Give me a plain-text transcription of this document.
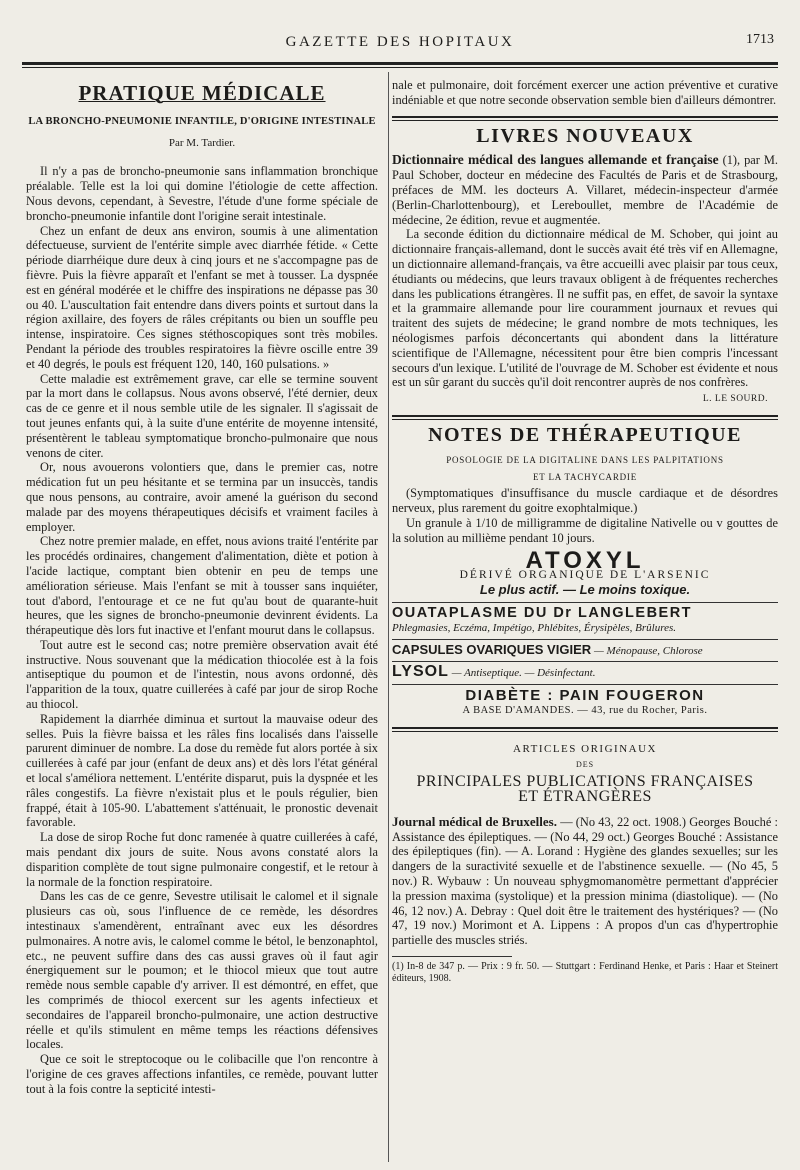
GAZETTE DES HOPITAUX	1713
PRATIQUE MÉDICALE
LA BRONCHO-PNEUMONIE INFANTILE, D'ORIGINE INTESTINALE
Par M. Tardier.

Il n'y a pas de broncho-pneumonie sans inflammation bronchique préalable. Telle est la loi qui domine l'étiologie de cette affection. Nous devons, cependant, à Sevestre, l'étude d'une forme spéciale de broncho-pneumonie infantile dont l'origine serait intestinale.

Chez un enfant de deux ans environ, soumis à une alimentation défectueuse, survient de l'entérite simple avec diarrhée fétide. « Cette période diarrhéique dure deux à cinq jours et ne s'accompagne pas de fièvre. Puis la fièvre apparaît et l'enfant se met à tousser. La dyspnée est en général modérée et le chiffre des inspirations ne dépasse pas 30 ou 40. L'auscultation fait entendre dans divers points et surtout dans la région axillaire, des foyers de râles crépitants ou bien un souffle peu intense, inspiratoire. Ces signes stéthoscopiques sont très mobiles. Pendant la période des troubles respiratoires la fièvre oscille entre 39 et 40 degrés, le pouls est fréquent 120, 140, 160 pulsations. »

Cette maladie est extrêmement grave, car elle se termine souvent par la mort dans le collapsus. Nous avons observé, l'été dernier, deux cas de ce genre et il nous semble utile de les signaler. Il s'agissait de tout jeunes enfants qui, à la suite d'une entérite de moyenne intensité, présentèrent le tableau symptomatique broncho-pulmonaire que nous venons de citer.

Or, nous avouerons volontiers que, dans le premier cas, notre médication fut un peu hésitante et se termina par un insuccès, tandis que nous pensons, au contraire, avoir amené la guérison du second malade par des moyens thérapeutiques décisifs et vraiment faciles à employer.

Chez notre premier malade, en effet, nous avions traité l'entérite par les procédés ordinaires, changement d'alimentation, diète et potion à l'acide lactique, comptant bien obtenir en peu de temps une amélioration sérieuse. Mais l'enfant se mit à tousser sans inquiéter, tout d'abord, l'entourage et ce ne fut qu'au bout de quarante-huit heures, que les signes de broncho-pneumonie devinrent évidents. La thérapeutique dès lors fut inactive et l'enfant mourut dans le collapsus.

Tout autre est le second cas; notre première observation avait été instructive. Nous souvenant que la médication thiocolée est à la fois antiseptique du poumon et de l'intestin, nous avons ordonné, dès l'apparition de la toux, quatre cuillerées à café par jour de sirop Roche au thiocol.

Rapidement la diarrhée diminua et surtout la mauvaise odeur des selles. Puis la fièvre baissa et les râles fins localisés dans l'aisselle parurent diminuer de nombre. La dose du remède fut alors portée à six cuillerées à café par jour (enfant de deux ans) et dès lors l'état général et local s'améliora nettement. L'entérite disparut, puis la dyspnée et les râles congestifs. La fièvre n'existait plus et le pouls régulier, bien frappé, était à 105-90. L'abattement s'atténuait, le pronostic devenait favorable.

La dose de sirop Roche fut donc ramenée à quatre cuillerées à café, mais pendant dix jours de suite. Nous avons constaté alors la disparition complète de tout signe pulmonaire congestif, et le retour à la normale de la fonction respiratoire.

Dans les cas de ce genre, Sevestre utilisait le calomel et il signale plusieurs cas où, sous l'influence de ce remède, les désordres intestinaux s'amendèrent, entraînant avec eux les désordres pulmonaires. A notre avis, le calomel comme le bétol, le benzonaphtol, etc., ne peuvent suffire dans des cas aussi graves où il faut agir énergiquement sur le poumon; et le thiocol mieux que tout autre remède nous semble capable d'y arriver. Il est démontré, en effet, que les comprimés de thiocol exercent sur les agents infectieux et secondaires de l'appareil broncho-pulmonaire, une action destructive réelle et qu'ils stimulent en même temps les réactions défensives locales.

Que ce soit le streptocoque ou le colibacille que l'on rencontre à l'origine de ces graves affections infantiles, ce remède, pouvant lutter tout à la fois contre la septicité intesti-

nale et pulmonaire, doit forcément exercer une action préventive et curative indéniable et que notre seconde observation semble bien d'ailleurs démontrer.

LIVRES NOUVEAUX

Dictionnaire médical des langues allemande et française (1), par M. Paul Schober, docteur en médecine des Facultés de Paris et de Strasbourg, préfaces de MM. les docteurs A. Villaret, médecin-inspecteur d'armée (Berlin-Charlottenbourg), et Lereboullet, membre de l'Académie de médecine, 2e édition, revue et augmentée.

La seconde édition du dictionnaire médical de M. Schober, qui joint au dictionnaire français-allemand, dont le succès avait été très vif en Allemagne, un dictionnaire allemand-français, va être accueilli avec plaisir par tous ceux, étudiants ou médecins, que leurs travaux obligent à de fréquentes recherches dans les publications étrangères. Il ne suffit pas, en effet, de savoir la syntaxe et la grammaire allemande pour lire couramment journaux et revues qui traitent des sujets de médecine; le grand nombre de mots techniques, les néologismes parfois déconcertants qui abondent dans la littérature scientifique de l'Allemagne, nécessitent pour être bien compris l'incessant secours d'un lexique. L'utilité de l'ouvrage de M. Schober est évidente et nous est un sûr garant du succès qu'il doit rencontrer auprès de nos confrères.

L. LE SOURD.
NOTES DE THÉRAPEUTIQUE
POSOLOGIE DE LA DIGITALINE DANS LES PALPITATIONS
ET LA TACHYCARDIE

(Symptomatiques d'insuffisance du muscle cardiaque et de désordres nerveux, plus rarement du goitre exophtalmique.)

Un granule à 1/10 de milligramme de digitaline Nativelle ou v gouttes de la solution au millième pendant 10 jours.

ATOXYL
DÉRIVÉ ORGANIQUE DE L'ARSENIC
Le plus actif. — Le moins toxique.
OUATAPLASME DU Dr LANGLEBERT
Phlegmasies, Eczéma, Impétigo, Phlébites, Érysipèles, Brûlures.
CAPSULES OVARIQUES VIGIER — Ménopause, Chlorose
LYSOL — Antiseptique. — Désinfectant.
DIABÈTE : PAIN FOUGERON
A BASE D'AMANDES. — 43, rue du Rocher, Paris.
ARTICLES ORIGINAUX
DES
PRINCIPALES PUBLICATIONS FRANÇAISES
ET ÉTRANGÈRES

Journal médical de Bruxelles. — (No 43, 22 oct. 1908.) Georges Bouché : Assistance des épileptiques. — (No 44, 29 oct.) Georges Bouché : Assistance des épileptiques (fin). — A. Lorand : Hygiène des glandes sexuelles; sur les dangers de la suractivité sexuelle et de l'abstinence sexuelle. — (No 45, 5 nov.) R. Wybauw : Un nouveau sphygmomanomètre permettant d'apprécier la pression maxima (systolique) et la pression minima (diastolique). — (No 46, 12 nov.) A. Debray : Quel doit être le traitement des hystériques? — (No 47, 19 nov.) Morimont et A. Lippens : A propos d'un cas d'hypertrophie partielle des muscles striés.

(1) In-8 de 347 p. — Prix : 9 fr. 50. — Stuttgart : Ferdinand Henke, et Paris : Haar et Steinert éditeurs, 1908.
